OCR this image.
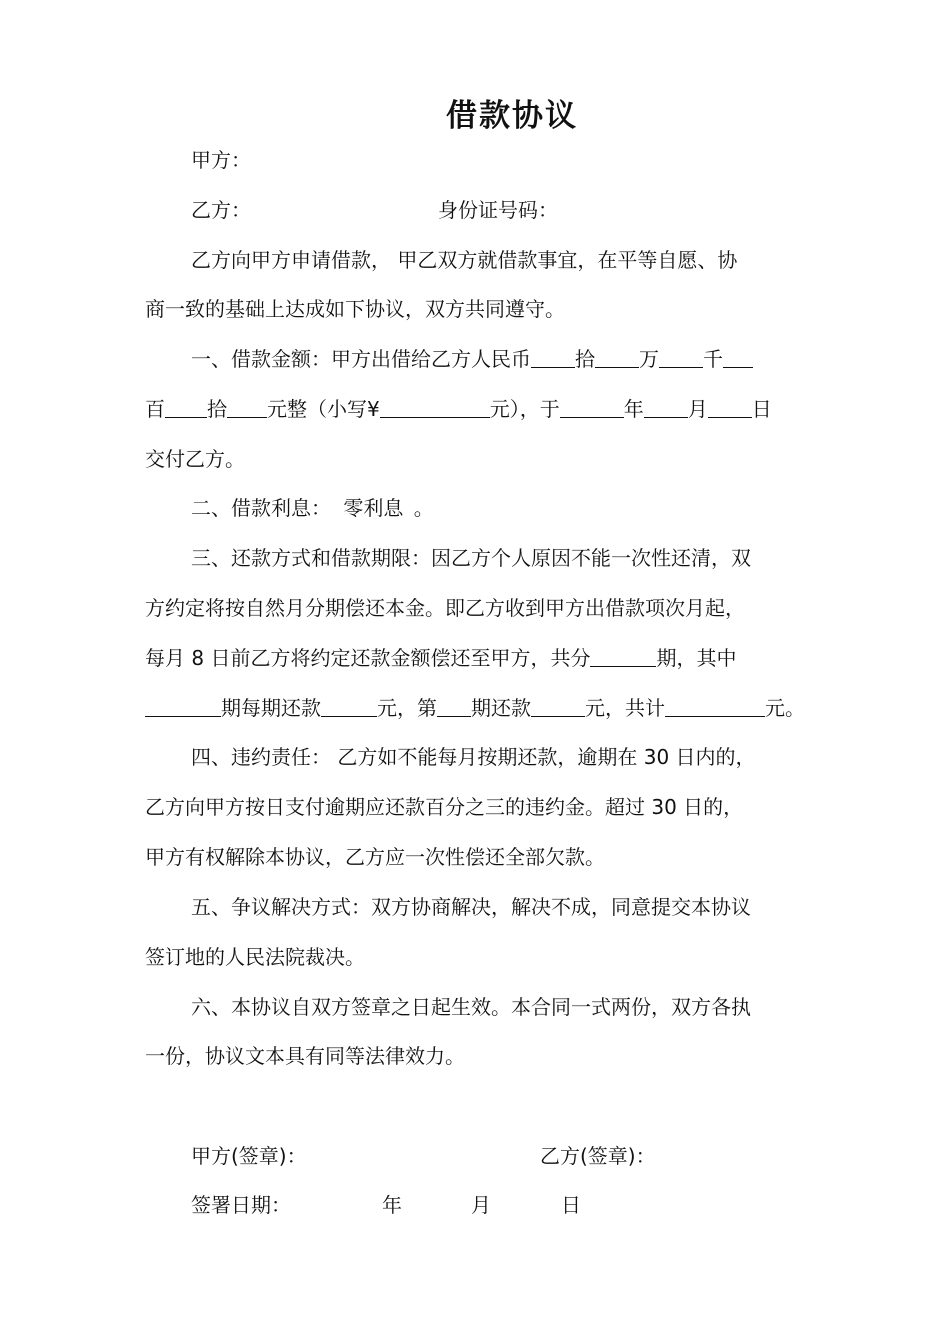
借款协议
甲方：
乙方：	身份证号码：
乙方向甲方申请借款， 甲乙双方就借款事宜，在平等自愿、协
商一致的基础上达成如下协议，双方共同遵守。
一、借款金额：甲方出借给乙方人民币 拾 万 千
百 拾 元整（小写¥	元），于	年 月 日
交付乙方。
二、借款利息： 零利息 。
三、还款方式和借款期限：因乙方个人原因不能一次性还清，双
方约定将按自然月分期偿还本金。即乙方收到甲方出借款项次月起，
每月 8 日前乙方将约定还款金额偿还至甲方，共分	期，其中
期每期还款	元，第 期还款	元，共计	元。
四、违约责任： 乙方如不能每月按期还款，逾期在 30 日内的，
乙方向甲方按日支付逾期应还款百分之三的违约金。超过 30 日的，
甲方有权解除本协议，乙方应一次性偿还全部欠款。
五、争议解决方式：双方协商解决，解决不成，同意提交本协议
签订地的人民法院裁决。
六、本协议自双方签章之日起生效。本合同一式两份，双方各执
一份，协议文本具有同等法律效力。
甲方(签章)：	乙方(签章)：
签署日期：	年	月	日
